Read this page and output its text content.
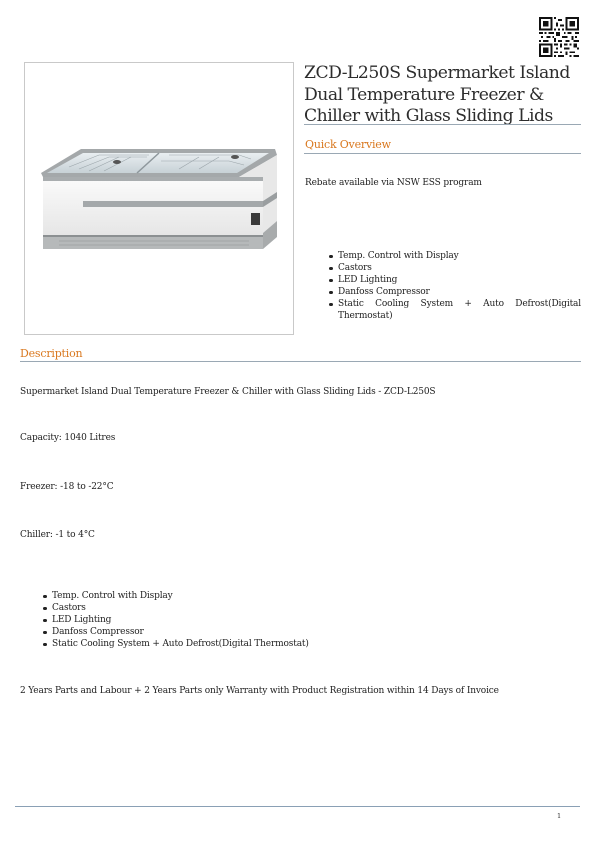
ZCD-L250S Supermarket Island Dual Temperature Freezer & Chiller with Glass Sliding Lids
Quick Overview
Rebate available via NSW ESS program
Temp. Control with Display
Castors
LED Lighting
Danfoss Compressor
Static Cooling System + Auto Defrost(Digital Thermostat)
Description
Supermarket Island Dual Temperature Freezer & Chiller with Glass Sliding Lids - ZCD-L250S
Capacity: 1040 Litres
Freezer: -18 to -22°C
Chiller: -1 to 4°C
Temp. Control with Display
Castors
LED Lighting
Danfoss Compressor
Static Cooling System + Auto Defrost(Digital Thermostat)
2 Years Parts and Labour + 2 Years Parts only Warranty with Product Registration within 14 Days of Invoice
1
